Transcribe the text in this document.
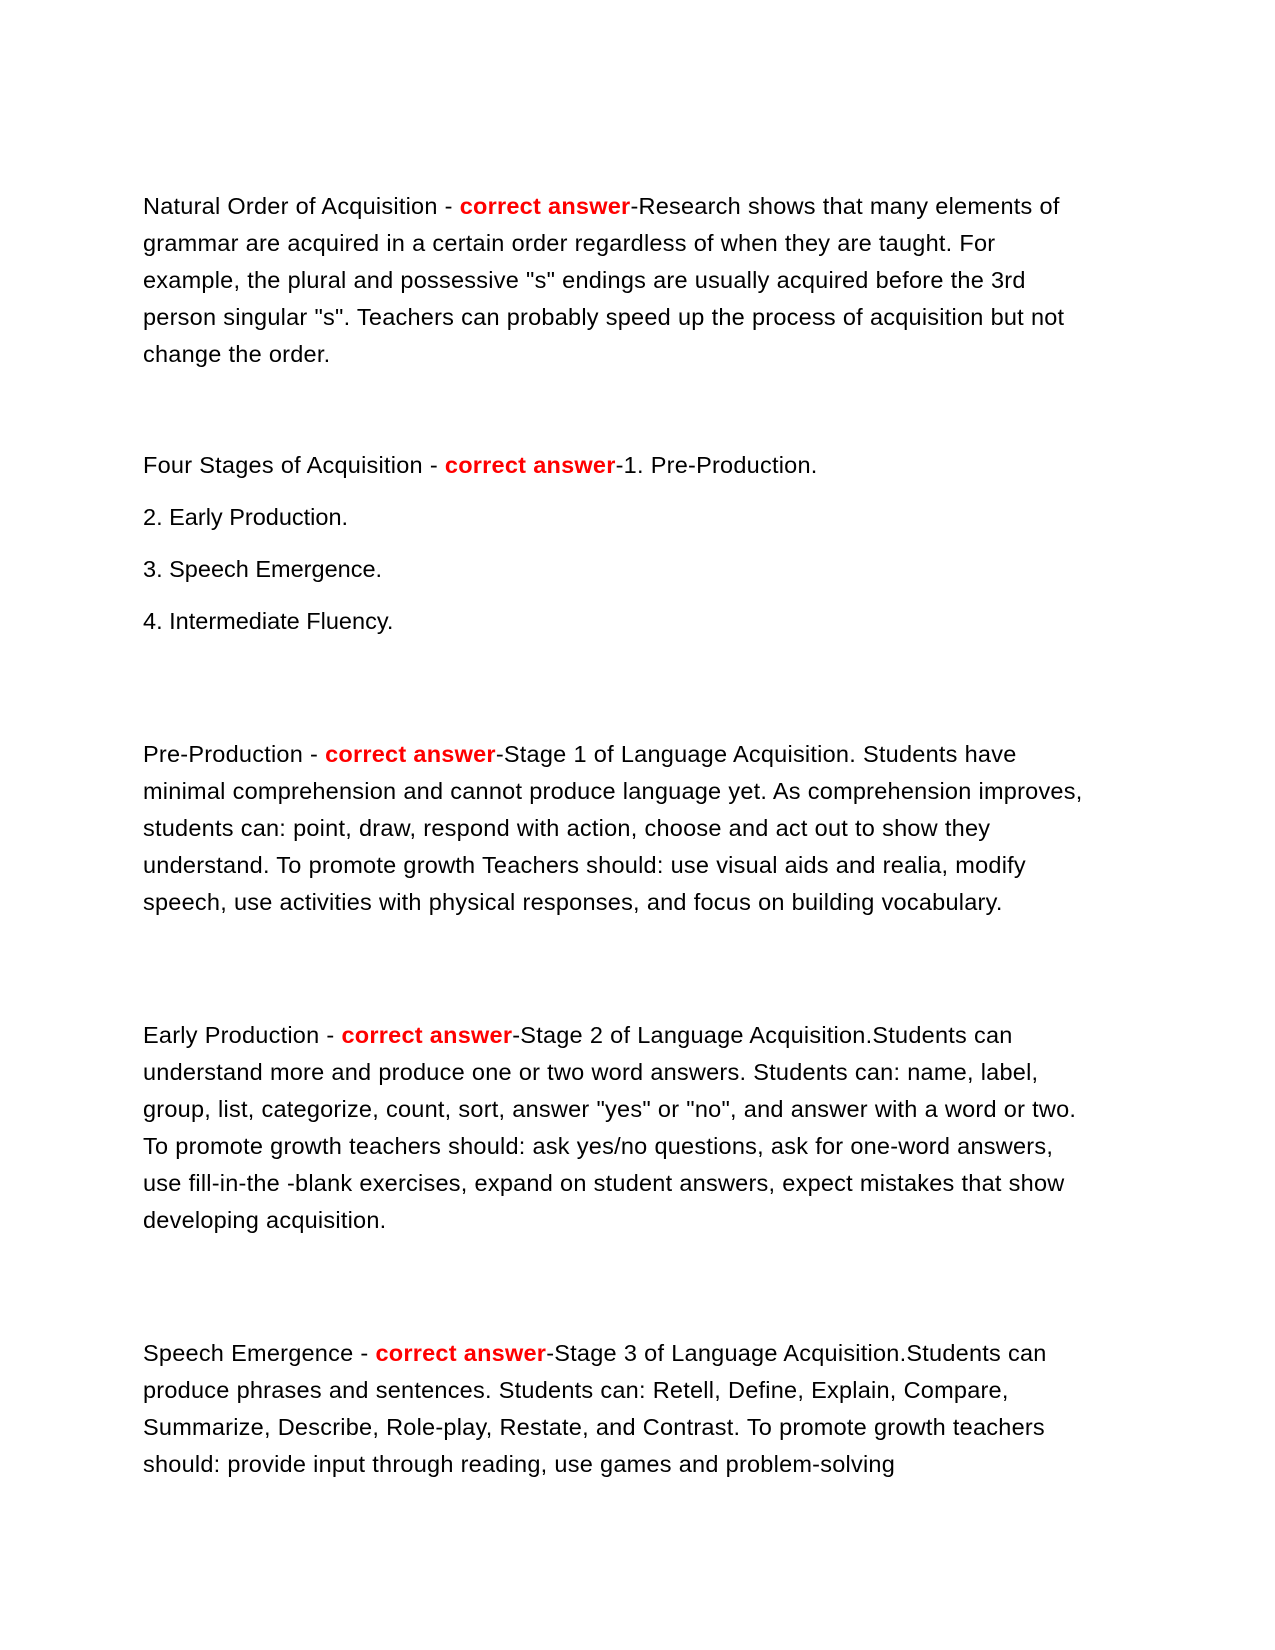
Natural Order of Acquisition - correct answer-Research shows that many elements of grammar are acquired in a certain order regardless of when they are taught. For example, the plural and possessive "s" endings are usually acquired before the 3rd person singular "s". Teachers can probably speed up the process of acquisition but not change the order.

Four Stages of Acquisition - correct answer-1. Pre-Production.

2. Early Production.

3. Speech Emergence.

4. Intermediate Fluency.

Pre-Production - correct answer-Stage 1 of Language Acquisition. Students have minimal comprehension and cannot produce language yet. As comprehension improves, students can: point, draw, respond with action, choose and act out to show they understand. To promote growth Teachers should: use visual aids and realia, modify speech, use activities with physical responses, and focus on building vocabulary.

Early Production - correct answer-Stage 2 of Language Acquisition.Students can understand more and produce one or two word answers. Students can: name, label, group, list, categorize, count, sort, answer "yes" or "no", and answer with a word or two. To promote growth teachers should: ask yes/no questions, ask for one-word answers, use fill-in-the -blank exercises, expand on student answers, expect mistakes that show developing acquisition.

Speech Emergence - correct answer-Stage 3 of Language Acquisition.Students can produce phrases and sentences. Students can: Retell, Define, Explain, Compare, Summarize, Describe, Role-play, Restate, and Contrast. To promote growth teachers should: provide input through reading, use games and problem-solving
